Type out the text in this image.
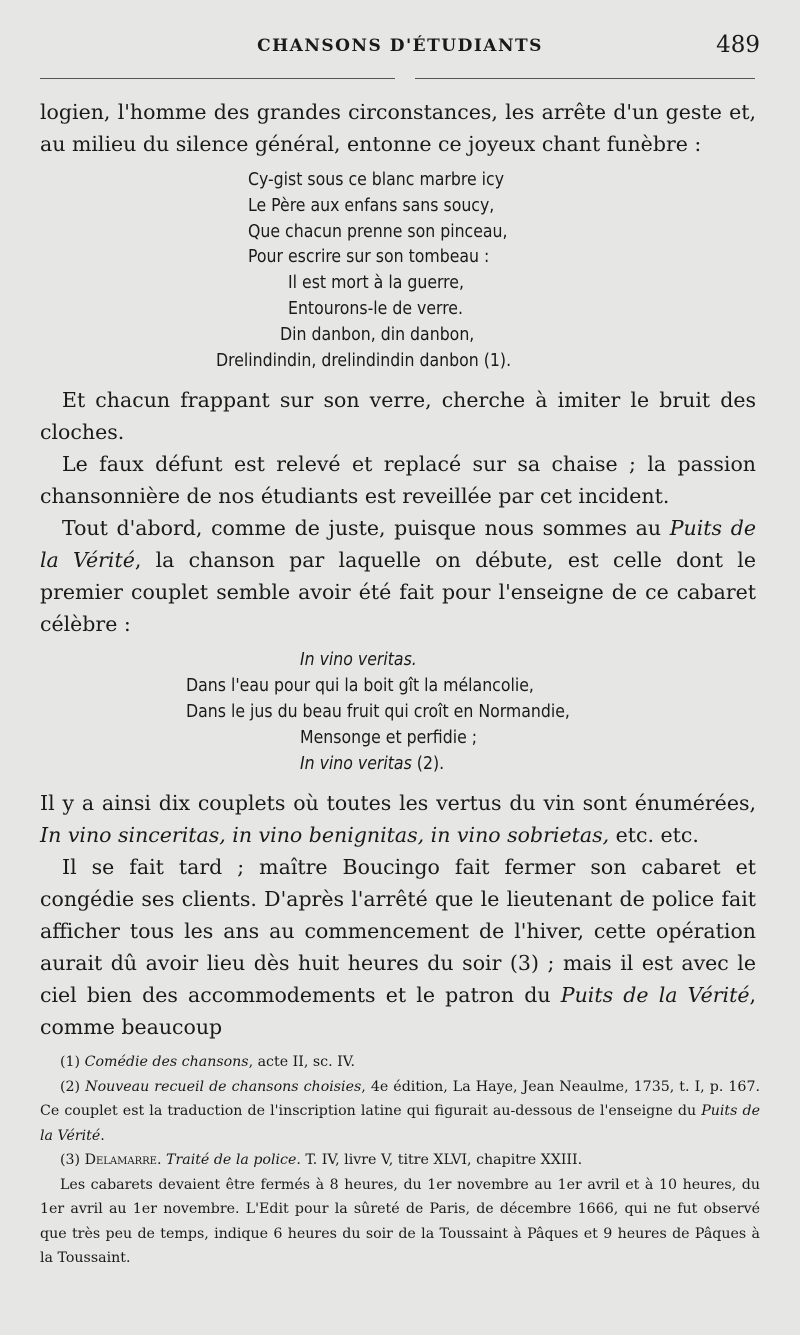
CHANSONS D'ÉTUDIANTS	489

logien, l'homme des grandes circonstances, les arrête d'un geste et, au milieu du silence général, entonne ce joyeux chant funèbre :

Cy-gist sous ce blanc marbre icy
Le Père aux enfans sans soucy,
Que chacun prenne son pinceau,
Pour escrire sur son tombeau :
Il est mort à la guerre,
Entourons-le de verre.
Din danbon, din danbon,
Drelindindin, drelindindin danbon (1).

Et chacun frappant sur son verre, cherche à imiter le bruit des cloches.

Le faux défunt est relevé et replacé sur sa chaise ; la passion chansonnière de nos étudiants est reveillée par cet incident.

Tout d'abord, comme de juste, puisque nous sommes au Puits de la Vérité, la chanson par laquelle on débute, est celle dont le premier couplet semble avoir été fait pour l'enseigne de ce cabaret célèbre :

In vino veritas.
Dans l'eau pour qui la boit gît la mélancolie,
Dans le jus du beau fruit qui croît en Normandie,
Mensonge et perfidie ;
In vino veritas (2).

Il y a ainsi dix couplets où toutes les vertus du vin sont énumérées, In vino sinceritas, in vino benignitas, in vino sobrietas, etc. etc.

Il se fait tard ; maître Boucingo fait fermer son cabaret et congédie ses clients. D'après l'arrêté que le lieutenant de police fait afficher tous les ans au commencement de l'hiver, cette opération aurait dû avoir lieu dès huit heures du soir (3) ; mais il est avec le ciel bien des accommodements et le patron du Puits de la Vérité, comme beaucoup

(1) Comédie des chansons, acte II, sc. IV.

(2) Nouveau recueil de chansons choisies, 4e édition, La Haye, Jean Neaulme, 1735, t. I, p. 167. Ce couplet est la traduction de l'inscription latine qui figurait au-dessous de l'enseigne du Puits de la Vérité.

(3) Delamarre. Traité de la police. T. IV, livre V, titre XLVI, chapitre XXIII.

Les cabarets devaient être fermés à 8 heures, du 1er novembre au 1er avril et à 10 heures, du 1er avril au 1er novembre. L'Edit pour la sûreté de Paris, de décembre 1666, qui ne fut observé que très peu de temps, indique 6 heures du soir de la Toussaint à Pâques et 9 heures de Pâques à la Toussaint.
